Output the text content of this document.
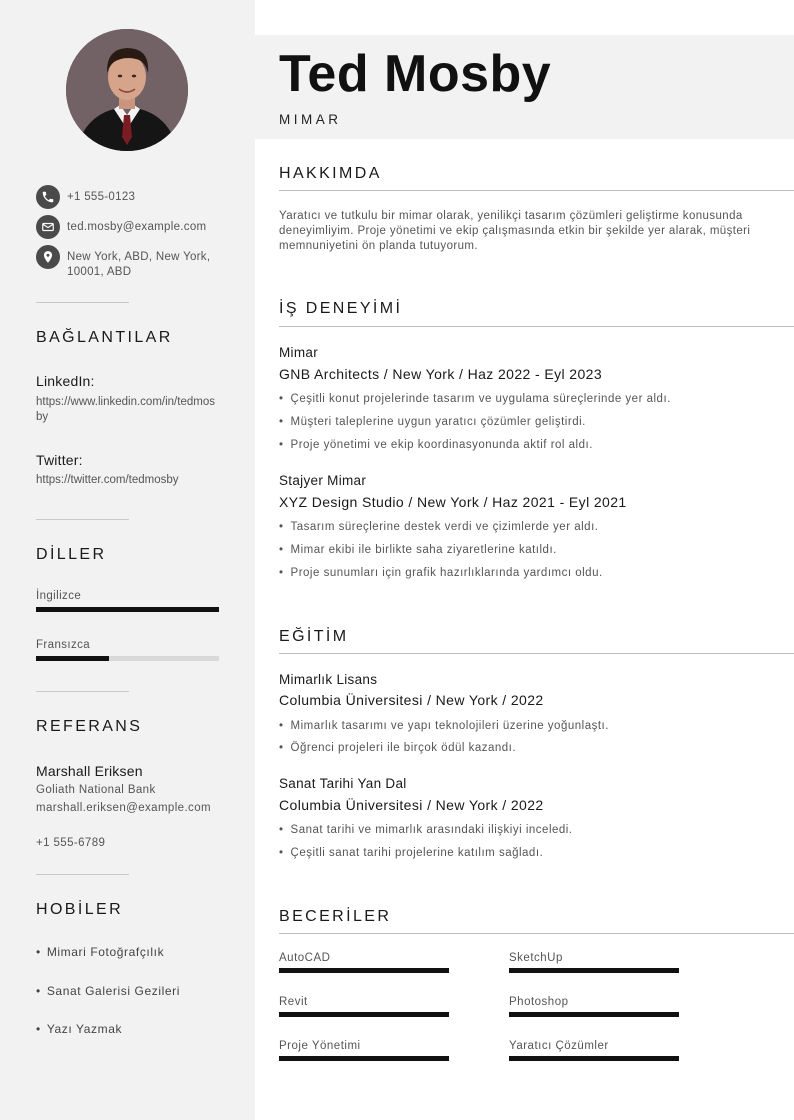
+1 555-0123
ted.mosby@example.com
New York, ABD, New York, 10001, ABD
BAĞLANTILAR
LinkedIn:
https://www.linkedin.com/in/tedmosby
Twitter:
https://twitter.com/tedmosby
DİLLER
İngilizce
Fransızca
REFERANS
Marshall Eriksen
Goliath National Bank
marshall.eriksen@example.com
+1 555-6789
HOBİLER
• Mimari Fotoğrafçılık
• Sanat Galerisi Gezileri
• Yazı Yazmak
Ted Mosby
MIMAR
HAKKIMDA
Yaratıcı ve tutkulu bir mimar olarak, yenilikçi tasarım çözümleri geliştirme konusunda deneyimliyim. Proje yönetimi ve ekip çalışmasında etkin bir şekilde yer alarak, müşteri memnuniyetini ön planda tutuyorum.
İŞ DENEYİMİ
Mimar
GNB Architects / New York / Haz 2022 - Eyl 2023
• Çeşitli konut projelerinde tasarım ve uygulama süreçlerinde yer aldı.
• Müşteri taleplerine uygun yaratıcı çözümler geliştirdi.
• Proje yönetimi ve ekip koordinasyonunda aktif rol aldı.
Stajyer Mimar
XYZ Design Studio / New York / Haz 2021 - Eyl 2021
• Tasarım süreçlerine destek verdi ve çizimlerde yer aldı.
• Mimar ekibi ile birlikte saha ziyaretlerine katıldı.
• Proje sunumları için grafik hazırlıklarında yardımcı oldu.
EĞİTİM
Mimarlık Lisans
Columbia Üniversitesi / New York / 2022
• Mimarlık tasarımı ve yapı teknolojileri üzerine yoğunlaştı.
• Öğrenci projeleri ile birçok ödül kazandı.
Sanat Tarihi Yan Dal
Columbia Üniversitesi / New York / 2022
• Sanat tarihi ve mimarlık arasındaki ilişkiyi inceledi.
• Çeşitli sanat tarihi projelerine katılım sağladı.
BECERİLER
AutoCAD	SketchUp
Revit	Photoshop
Proje Yönetimi	Yaratıcı Çözümler
